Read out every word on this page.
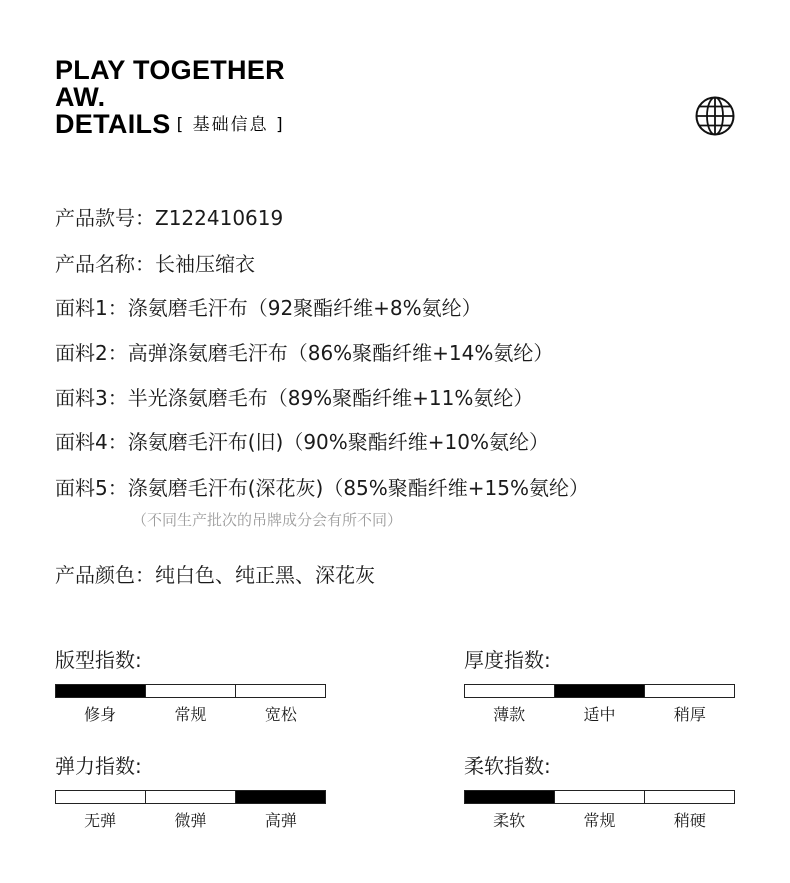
PLAY TOGETHER
AW.
DETAILS [ 基础信息 ]
产品款号：Z122410619
产品名称：长袖压缩衣
面料1：涤氨磨毛汗布（92聚酯纤维+8%氨纶）
面料2：高弹涤氨磨毛汗布（86%聚酯纤维+14%氨纶）
面料3：半光涤氨磨毛布（89%聚酯纤维+11%氨纶）
面料4：涤氨磨毛汗布(旧)（90%聚酯纤维+10%氨纶）
面料5：涤氨磨毛汗布(深花灰)（85%聚酯纤维+15%氨纶）
（不同生产批次的吊牌成分会有所不同）
产品颜色：纯白色、纯正黑、深花灰
版型指数:
修身	常规	宽松
厚度指数:
薄款	适中	稍厚
弹力指数:
无弹	微弹	高弹
柔软指数:
柔软	常规	稍硬
